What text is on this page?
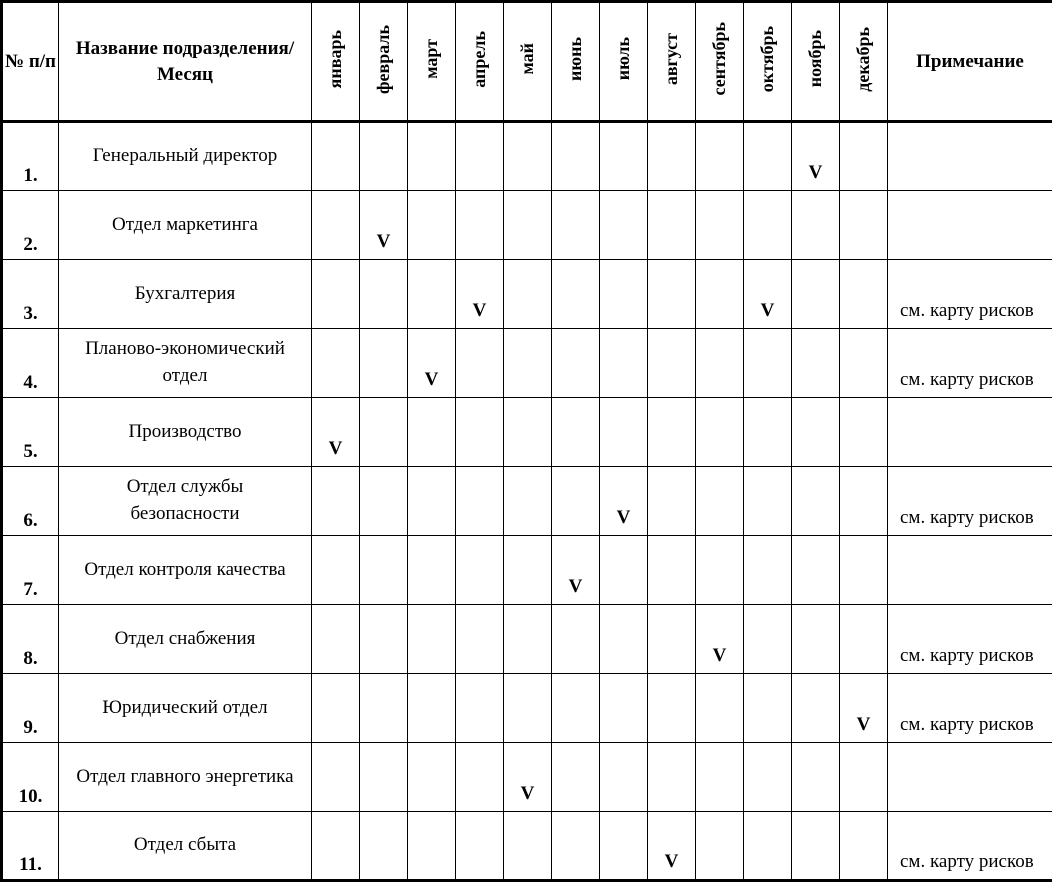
№ п/п	Название подразделения/Месяц	январь	февраль	март	апрель	май	июнь	июль	август	сентябрь	октябрь	ноябрь	декабрь	Примечание
1.	Генеральный директор											V		
2.	Отдел маркетинга		V											
3.	Бухгалтерия				V						V			см. карту рисков
4.	Планово-экономический отдел			V										см. карту рисков
5.	Производство	V												
6.	Отдел службы безопасности							V						см. карту рисков
7.	Отдел контроля качества						V							
8.	Отдел снабжения									V				см. карту рисков
9.	Юридический отдел												V	см. карту рисков
10.	Отдел главного энергетика					V								
11.	Отдел сбыта								V					см. карту рисков
